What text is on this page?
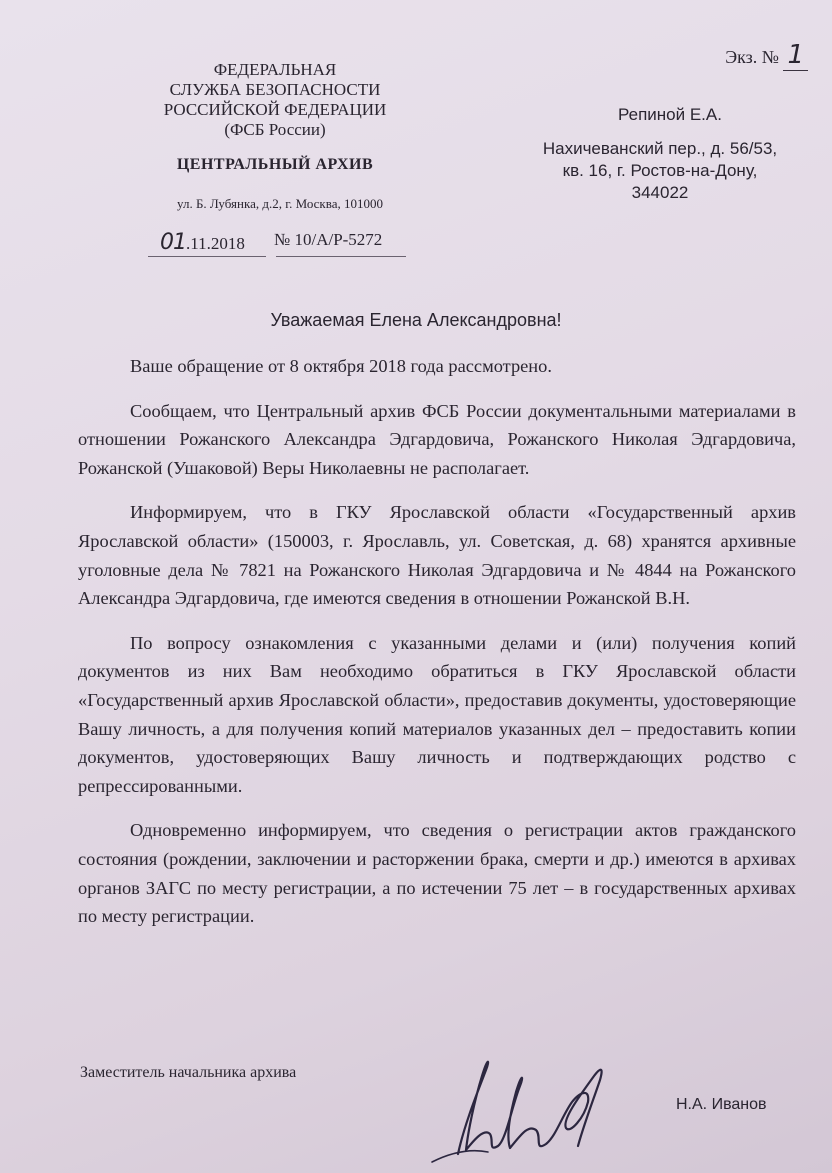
ФЕДЕРАЛЬНАЯ
СЛУЖБА БЕЗОПАСНОСТИ
РОССИЙСКОЙ ФЕДЕРАЦИИ
(ФСБ России)
ЦЕНТРАЛЬНЫЙ АРХИВ
ул. Б. Лубянка, д.2, г. Москва, 101000
01.11.2018 № 10/А/Р-5272
Экз. № 1
Репиной Е.А.
Нахичеванский пер., д. 56/53,
кв. 16, г. Ростов-на-Дону,
344022
Уважаемая Елена Александровна!

Ваше обращение от 8 октября 2018 года рассмотрено.

Сообщаем, что Центральный архив ФСБ России документальными материалами в отношении Рожанского Александра Эдгардовича, Рожанского Николая Эдгардовича, Рожанской (Ушаковой) Веры Николаевны не располагает.

Информируем, что в ГКУ Ярославской области «Государственный архив Ярославской области» (150003, г. Ярославль, ул. Советская, д. 68) хранятся архивные уголовные дела № 7821 на Рожанского Николая Эдгардовича и № 4844 на Рожанского Александра Эдгардовича, где имеются сведения в отношении Рожанской В.Н.

По вопросу ознакомления с указанными делами и (или) получения копий документов из них Вам необходимо обратиться в ГКУ Ярославской области «Государственный архив Ярославской области», предоставив документы, удостоверяющие Вашу личность, а для получения копий материалов указанных дел – предоставить копии документов, удостоверяющих Вашу личность и подтверждающих родство с репрессированными.

Одновременно информируем, что сведения о регистрации актов гражданского состояния (рождении, заключении и расторжении брака, смерти и др.) имеются в архивах органов ЗАГС по месту регистрации, а по истечении 75 лет – в государственных архивах по месту регистрации.

Заместитель начальника архива
Н.А. Иванов
